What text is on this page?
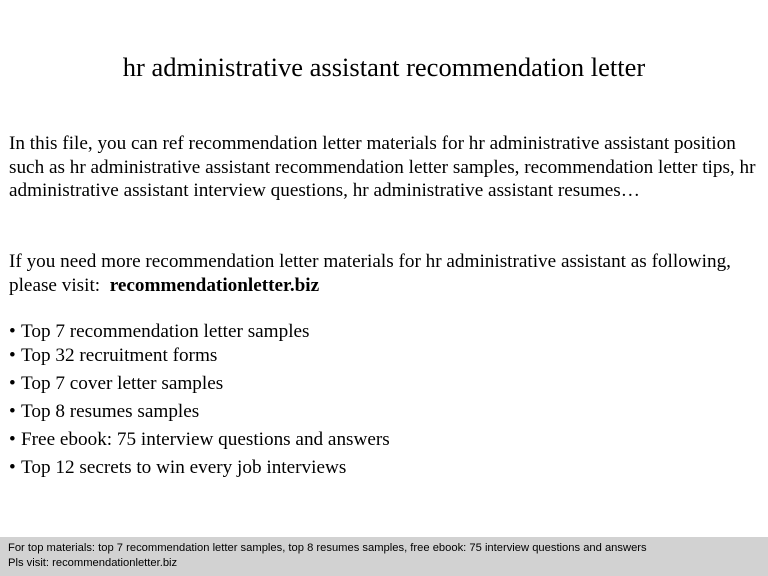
hr administrative assistant recommendation letter

In this file, you can ref recommendation letter materials for hr administrative assistant position such as hr administrative assistant recommendation letter samples, recommendation letter tips, hr administrative assistant interview questions, hr administrative assistant resumes…

If you need more recommendation letter materials for hr administrative assistant as following, please visit:  recommendationletter.biz

• Top 7 recommendation letter samples
• Top 32 recruitment forms
• Top 7 cover letter samples
• Top 8 resumes samples
• Free ebook: 75 interview questions and answers
• Top 12 secrets to win every job interviews
For top materials: top 7 recommendation letter samples, top 8 resumes samples, free ebook: 75 interview questions and answers
Pls visit: recommendationletter.biz
